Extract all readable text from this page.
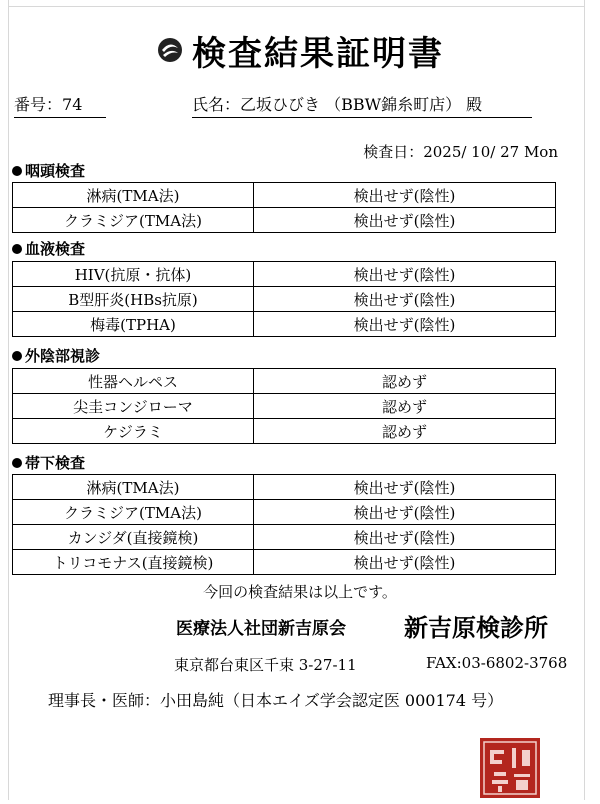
検査結果証明書
番号：74	氏名：乙坂ひびき （BBW錦糸町店） 殿
検査日：2025/ 10/ 27 Mon
咽頭検査
淋病(TMA法)	検出せず(陰性)
クラミジア(TMA法)	検出せず(陰性)
血液検査
HIV(抗原・抗体)	検出せず(陰性)
B型肝炎(HBs抗原)	検出せず(陰性)
梅毒(TPHA)	検出せず(陰性)
外陰部視診
性器ヘルペス	認めず
尖圭コンジローマ	認めず
ケジラミ	認めず
帯下検査
淋病(TMA法)	検出せず(陰性)
クラミジア(TMA法)	検出せず(陰性)
カンジダ(直接鏡検)	検出せず(陰性)
トリコモナス(直接鏡検)	検出せず(陰性)
今回の検査結果は以上です。
医療法人社団新吉原会 新吉原検診所
東京都台東区千束 3-27-11	FAX:03-6802-3768
理事長・医師：小田島純（日本エイズ学会認定医 000174 号）
